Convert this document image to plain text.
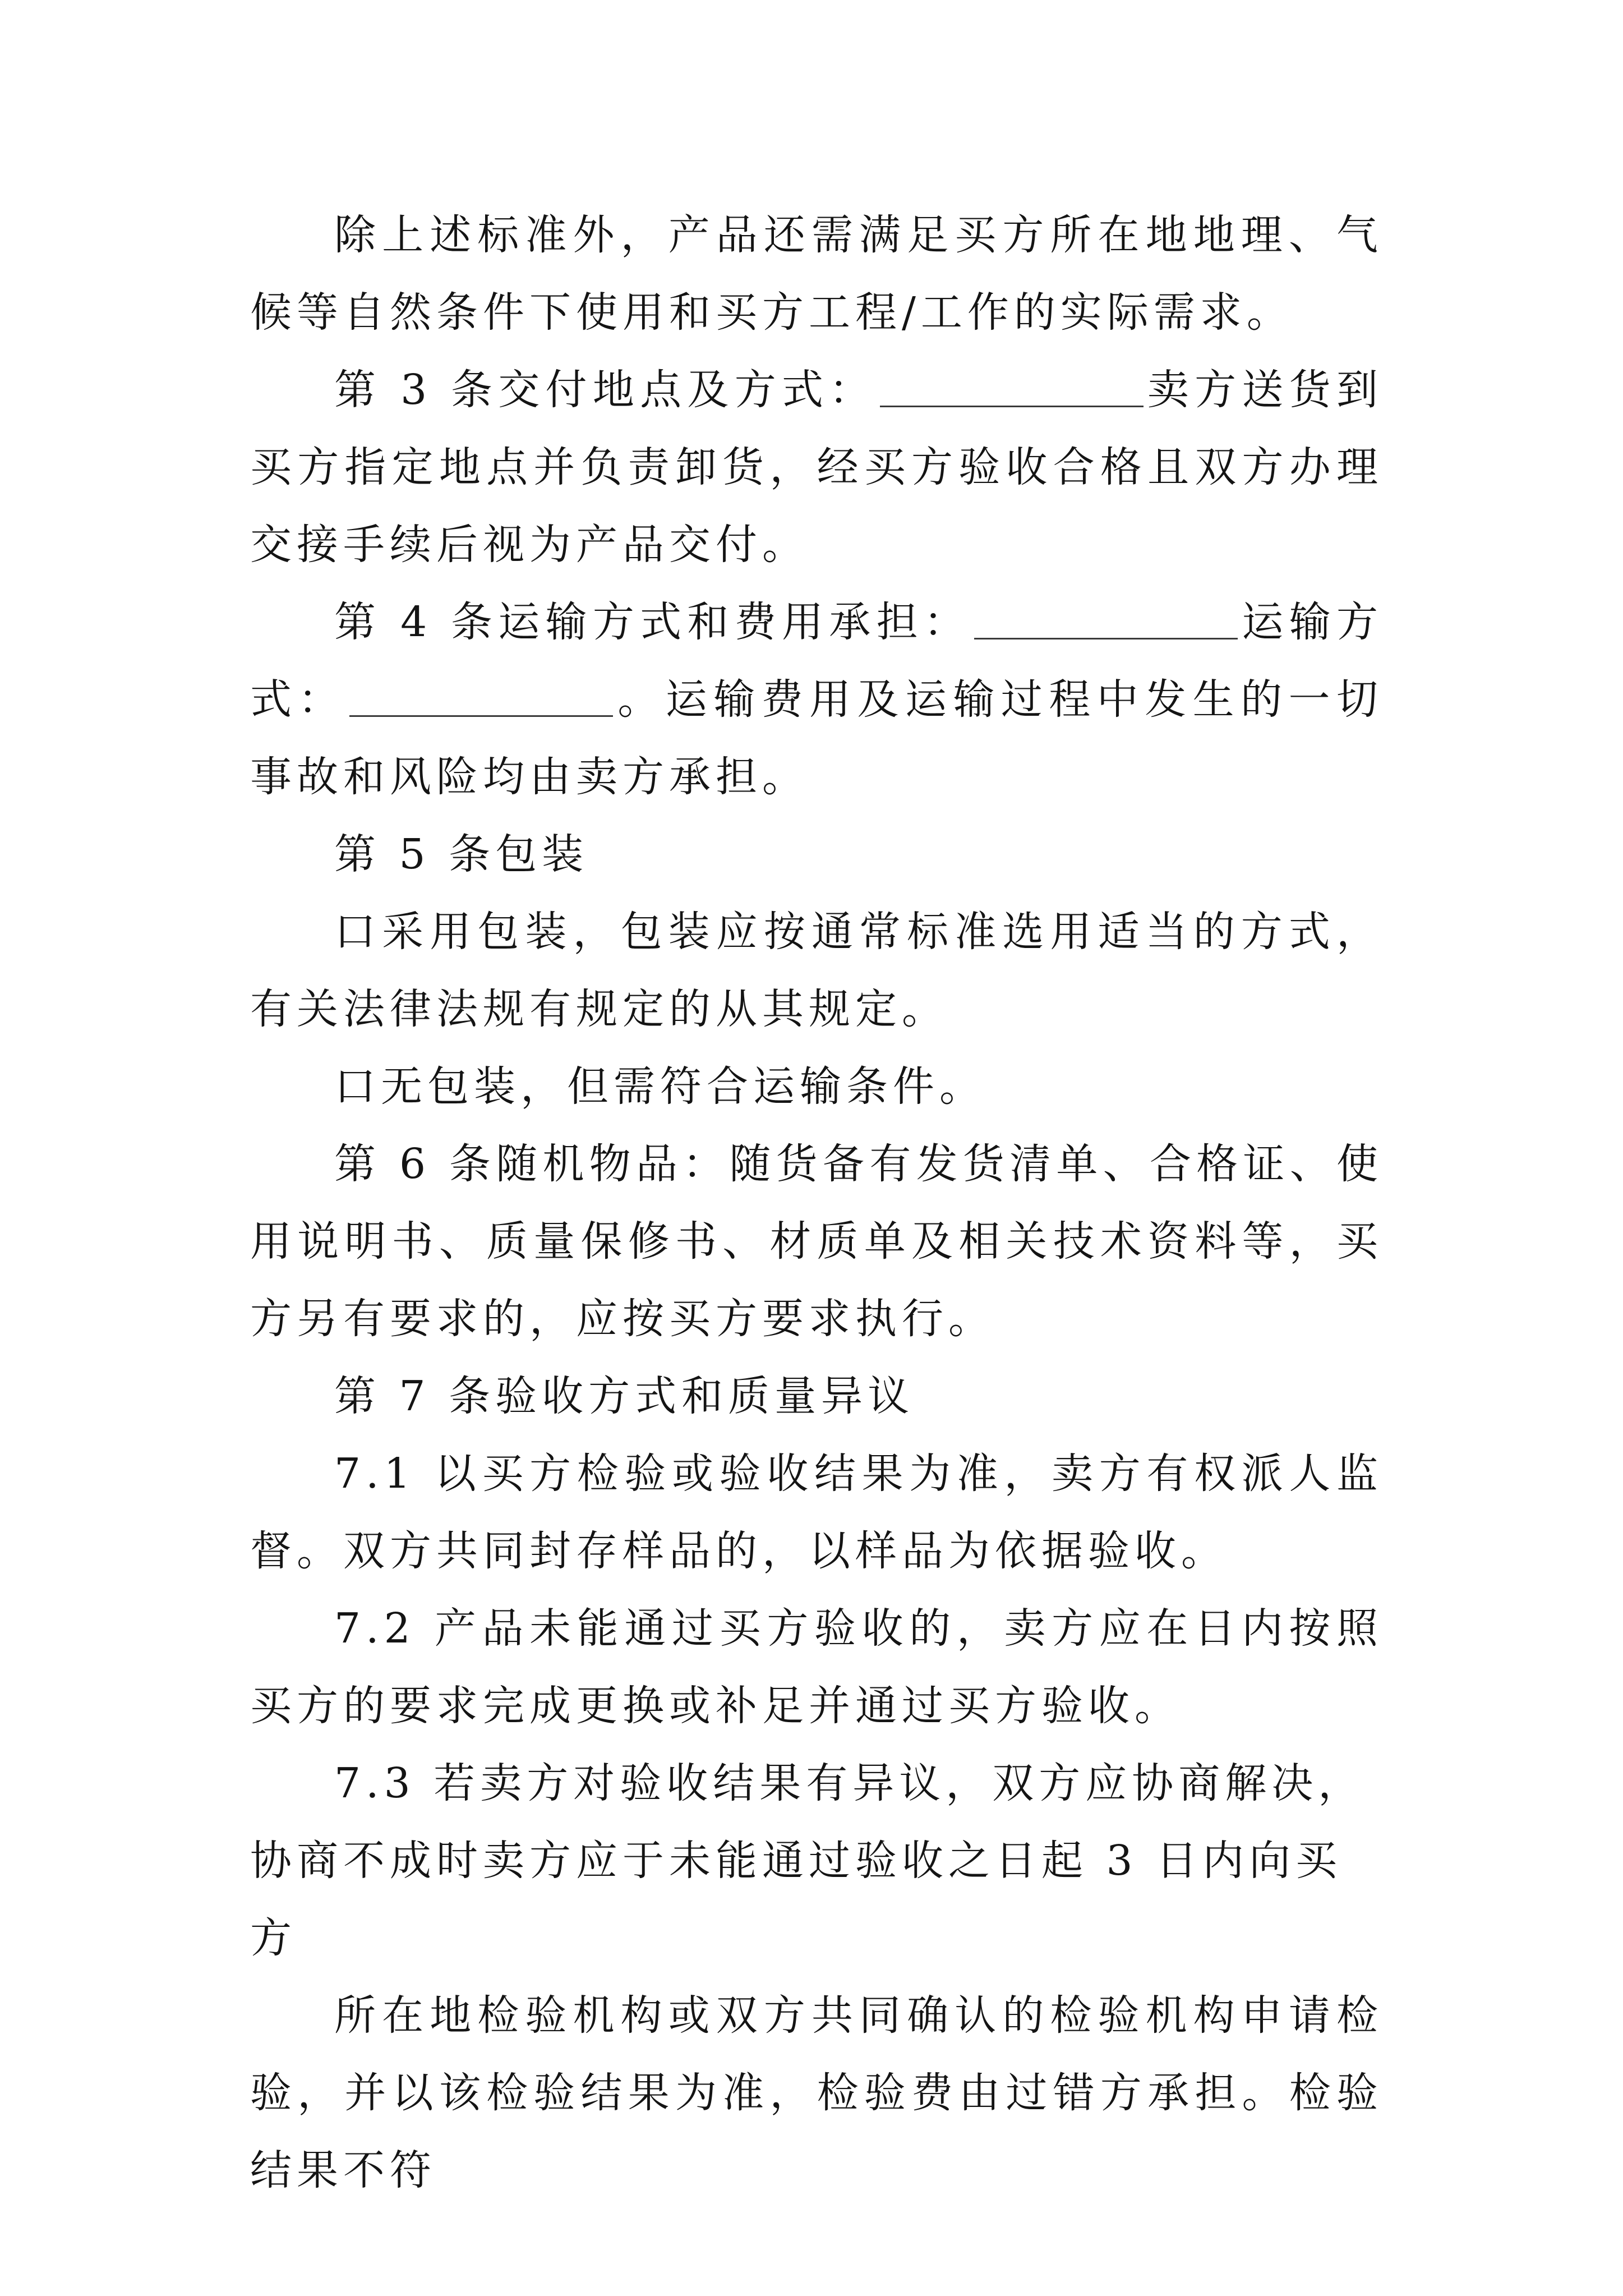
除上述标准外，产品还需满足买方所在地地理、气候等自然条件下使用和买方工程/工作的实际需求。

第 3 条交付地点及方式：	卖方送货到买方指定地点并负责卸货，经买方验收合格且双方办理交接手续后视为产品交付。

第 4 条运输方式和费用承担：	运输方式：	。运输费用及运输过程中发生的一切事故和风险均由卖方承担。

第 5 条包装

口采用包装，包装应按通常标准选用适当的方式，有关法律法规有规定的从其规定。

口无包装，但需符合运输条件。

第 6 条随机物品：随货备有发货清单、合格证、使用说明书、质量保修书、材质单及相关技术资料等，买方另有要求的，应按买方要求执行。

第 7 条验收方式和质量异议

7.1 以买方检验或验收结果为准，卖方有权派人监督。双方共同封存样品的，以样品为依据验收。

7.2 产品未能通过买方验收的，卖方应在日内按照买方的要求完成更换或补足并通过买方验收。

7.3 若卖方对验收结果有异议，双方应协商解决，协商不成时卖方应于未能通过验收之日起 3 日内向买方

所在地检验机构或双方共同确认的检验机构申请检验，并以该检验结果为准，检验费由过错方承担。检验结果不符
